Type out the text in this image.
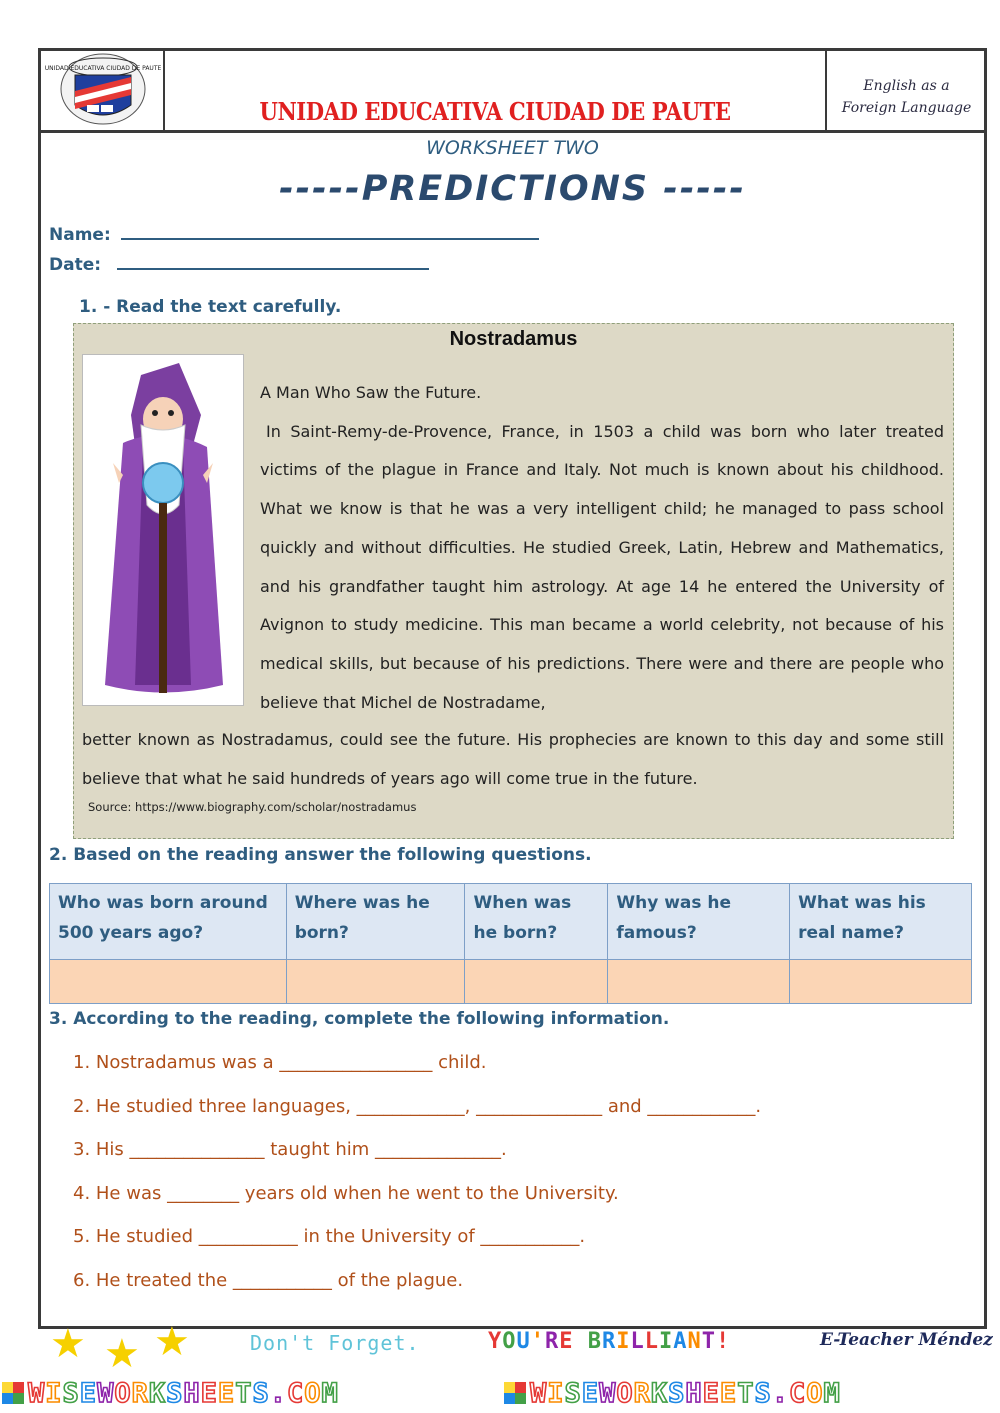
UNIDAD EDUCATIVA CIUDAD DE PAUTE
UNIDAD EDUCATIVA CIUDAD DE PAUTE
English as a
Foreign Language
WORKSHEET TWO
-----PREDICTIONS -----
Name:
Date:
1. - Read the text carefully.
Nostradamus

A Man Who Saw the Future.

In Saint-Remy-de-Provence, France, in 1503 a child was born who later treated victims of the plague in France and Italy. Not much is known about his childhood. What we know is that he was a very intelligent child; he managed to pass school quickly and without difficulties. He studied Greek, Latin, Hebrew and Mathematics, and his grandfather taught him astrology. At age 14 he entered the University of Avignon to study medicine. This man became a world celebrity, not because of his medical skills, but because of his predictions. There were and there are people who believe that Michel de Nostradame,

better known as Nostradamus, could see the future. His prophecies are known to this day and some still believe that what he said hundreds of years ago will come true in the future.
Source: https://www.biography.com/scholar/nostradamus
2. Based on the reading answer the following questions.
Who was born around 500 years ago?	Where was he born?	When was he born?	Why was he famous?	What was his real name?

3. According to the reading, complete the following information.
1. Nostradamus was a _________________ child.
2. He studied three languages, ____________, ______________ and ____________.
3. His _______________ taught him ______________.
4. He was ________ years old when he went to the University.
5. He studied ___________ in the University of ___________.
6. He treated the ___________ of the plague.
★ ★ ★	Don't Forget.	YOU'RE BRILLIANT!	E-Teacher Méndez
WISEWORKSHEETS.COM	WISEWORKSHEETS.COM
